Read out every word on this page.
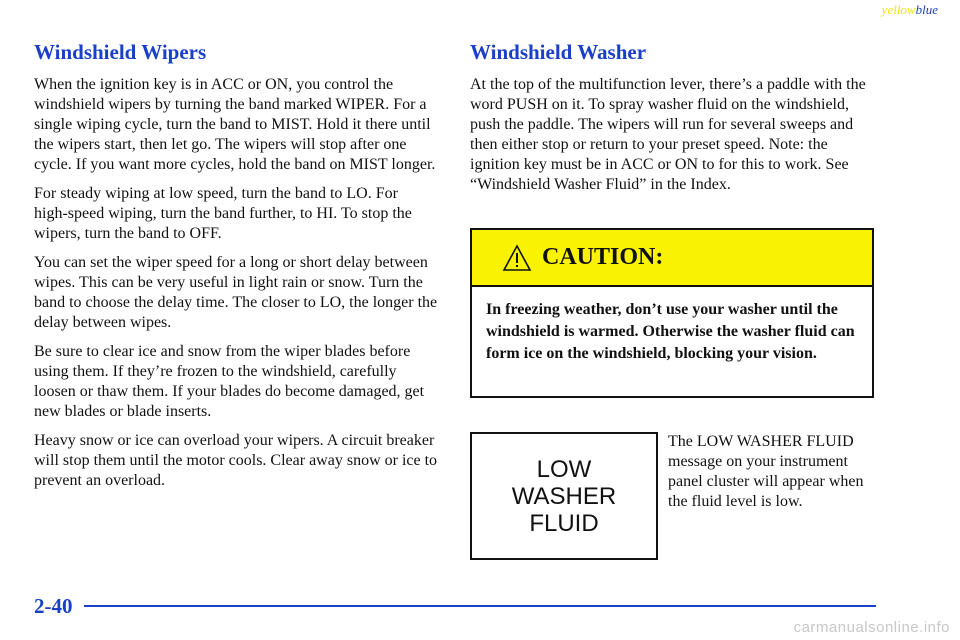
yellowblue
Windshield Wipers

When the ignition key is in ACC or ON, you control the windshield wipers by turning the band marked WIPER. For a single wiping cycle, turn the band to MIST. Hold it there until the wipers start, then let go. The wipers will stop after one cycle. If you want more cycles, hold the band on MIST longer.

For steady wiping at low speed, turn the band to LO. For high‑speed wiping, turn the band further, to HI. To stop the wipers, turn the band to OFF.

You can set the wiper speed for a long or short delay between wipes. This can be very useful in light rain or snow. Turn the band to choose the delay time. The closer to LO, the longer the delay between wipes.

Be sure to clear ice and snow from the wiper blades before using them. If they’re frozen to the windshield, carefully loosen or thaw them. If your blades do become damaged, get new blades or blade inserts.

Heavy snow or ice can overload your wipers. A circuit breaker will stop them until the motor cools. Clear away snow or ice to prevent an overload.

Windshield Washer

At the top of the multifunction lever, there’s a paddle with the word PUSH on it. To spray washer fluid on the windshield, push the paddle. The wipers will run for several sweeps and then either stop or return to your preset speed. Note: the ignition key must be in ACC or ON to for this to work. See “Windshield Washer Fluid” in the Index.

CAUTION:
In freezing weather, don’t use your washer until the windshield is warmed. Otherwise the washer fluid can form ice on the windshield, blocking your vision.
LOW
WASHER
FLUID

The LOW WASHER FLUID message on your instrument panel cluster will appear when the fluid level is low.

2-40
carmanualsonline.info
